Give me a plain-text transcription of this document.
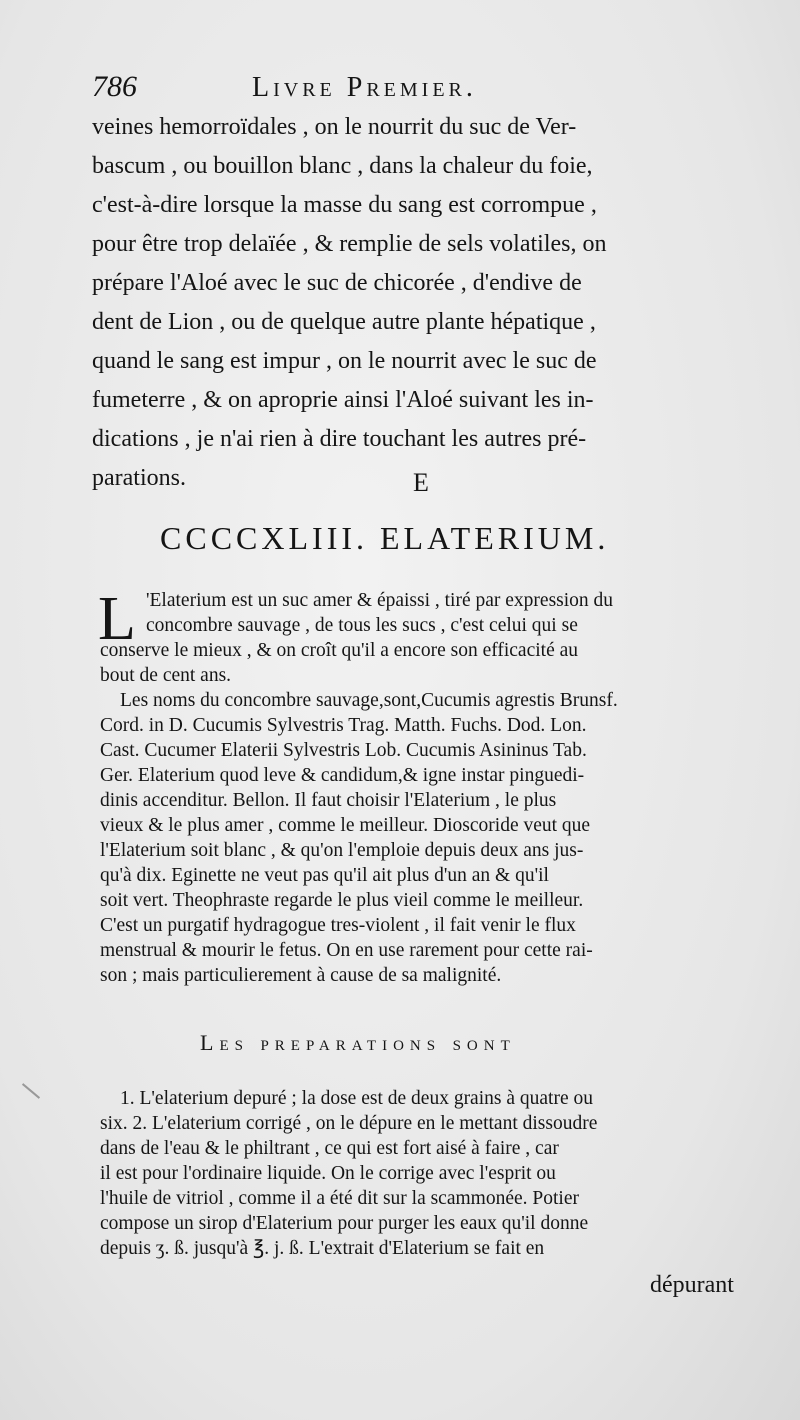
786	Livre Premier.
veines hemorroïdales , on le nourrit du suc de Ver-
bascum , ou bouillon blanc , dans la chaleur du foie,
c'est-à-dire lorsque la masse du sang est corrompue ,
pour être trop delaïée , & remplie de sels volatiles, on
prépare l'Aloé avec le suc de chicorée , d'endive de
dent de Lion , ou de quelque autre plante hépatique ,
quand le sang est impur , on le nourrit avec le suc de
fumeterre , & on aproprie ainsi l'Aloé suivant les in-
dications , je n'ai rien à dire touchant les autres pré-
parations.	E
CCCCXLIII. ELATERIUM.
L 'Elaterium est un suc amer & épaissi , tiré par expression du
concombre sauvage , de tous les sucs , c'est celui qui se
conserve le mieux , & on croît qu'il a encore son efficacité au
bout de cent ans.
Les noms du concombre sauvage,sont,Cucumis agrestis Brunsf.
Cord. in D. Cucumis Sylvestris Trag. Matth. Fuchs. Dod. Lon.
Cast. Cucumer Elaterii Sylvestris Lob. Cucumis Asininus Tab.
Ger. Elaterium quod leve & candidum,& igne instar pinguedi-
dinis accenditur. Bellon. Il faut choisir l'Elaterium , le plus
vieux & le plus amer , comme le meilleur. Dioscoride veut que
l'Elaterium soit blanc , & qu'on l'emploie depuis deux ans jus-
qu'à dix. Eginette ne veut pas qu'il ait plus d'un an & qu'il
soit vert. Theophraste regarde le plus vieil comme le meilleur.
C'est un purgatif hydragogue tres-violent , il fait venir le flux
menstrual & mourir le fetus. On en use rarement pour cette rai-
son ; mais particulierement à cause de sa malignité.
Les preparations sont
1. L'elaterium depuré ; la dose est de deux grains à quatre ou
six. 2. L'elaterium corrigé , on le dépure en le mettant dissoudre
dans de l'eau & le philtrant , ce qui est fort aisé à faire , car
il est pour l'ordinaire liquide. On le corrige avec l'esprit ou
l'huile de vitriol , comme il a été dit sur la scammonée. Potier
compose un sirop d'Elaterium pour purger les eaux qu'il donne
depuis ʒ. ß. jusqu'à ℥. j. ß. L'extrait d'Elaterium se fait en
dépurant
